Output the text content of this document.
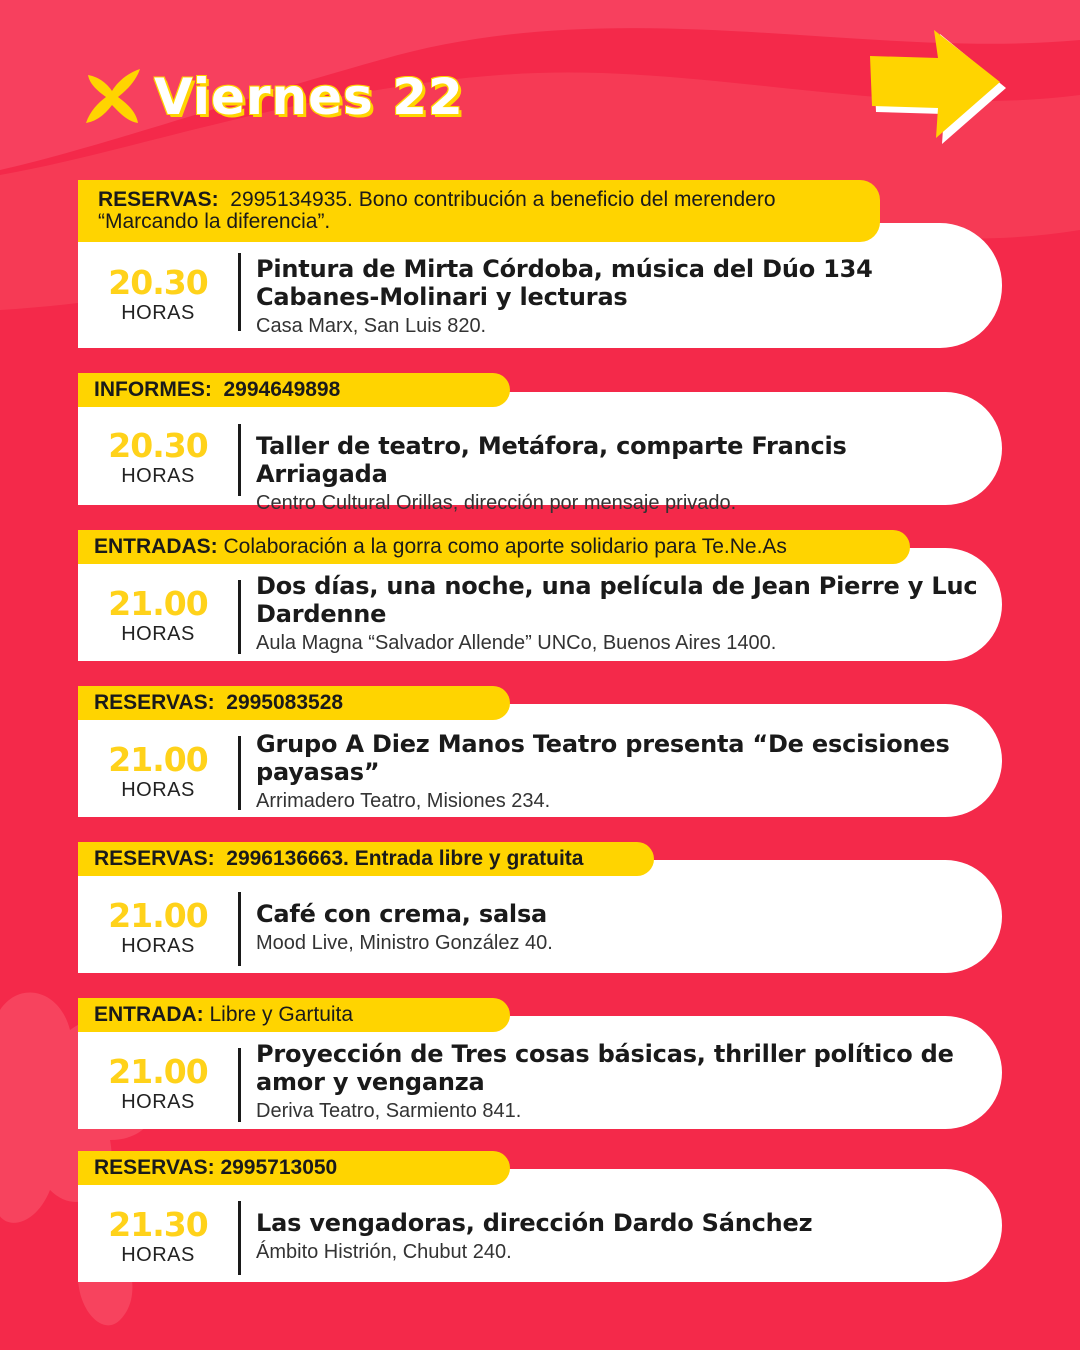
Viernes 22
RESERVAS: 2995134935. Bono contribución a beneficio del merendero
“Marcando la diferencia”.
20.30
HORAS
Pintura de Mirta Córdoba, música del Dúo 134 Cabanes-Molinari y lecturas
Casa Marx, San Luis 820.
INFORMES:
2994649898
20.30
HORAS
Taller de teatro, Metáfora, comparte Francis Arriagada
Centro Cultural Orillas, dirección por mensaje privado.
ENTRADAS:
Colaboración a la gorra como aporte solidario para Te.Ne.As
21.00
HORAS
Dos días, una noche, una película de Jean Pierre y Luc Dardenne
Aula Magna “Salvador Allende” UNCo, Buenos Aires 1400.
RESERVAS:
2995083528
21.00
HORAS
Grupo A Diez Manos Teatro presenta “De escisiones payasas”
Arrimadero Teatro, Misiones 234.
RESERVAS:
2996136663. Entrada libre y gratuita
21.00
HORAS
Café con crema, salsa
Mood Live, Ministro González 40.
ENTRADA:
Libre y Gartuita
21.00
HORAS
Proyección de Tres cosas básicas, thriller político de amor y venganza
Deriva Teatro, Sarmiento 841.
RESERVAS:
2995713050
21.30
HORAS
Las vengadoras, dirección Dardo Sánchez
Ámbito Histrión, Chubut 240.
